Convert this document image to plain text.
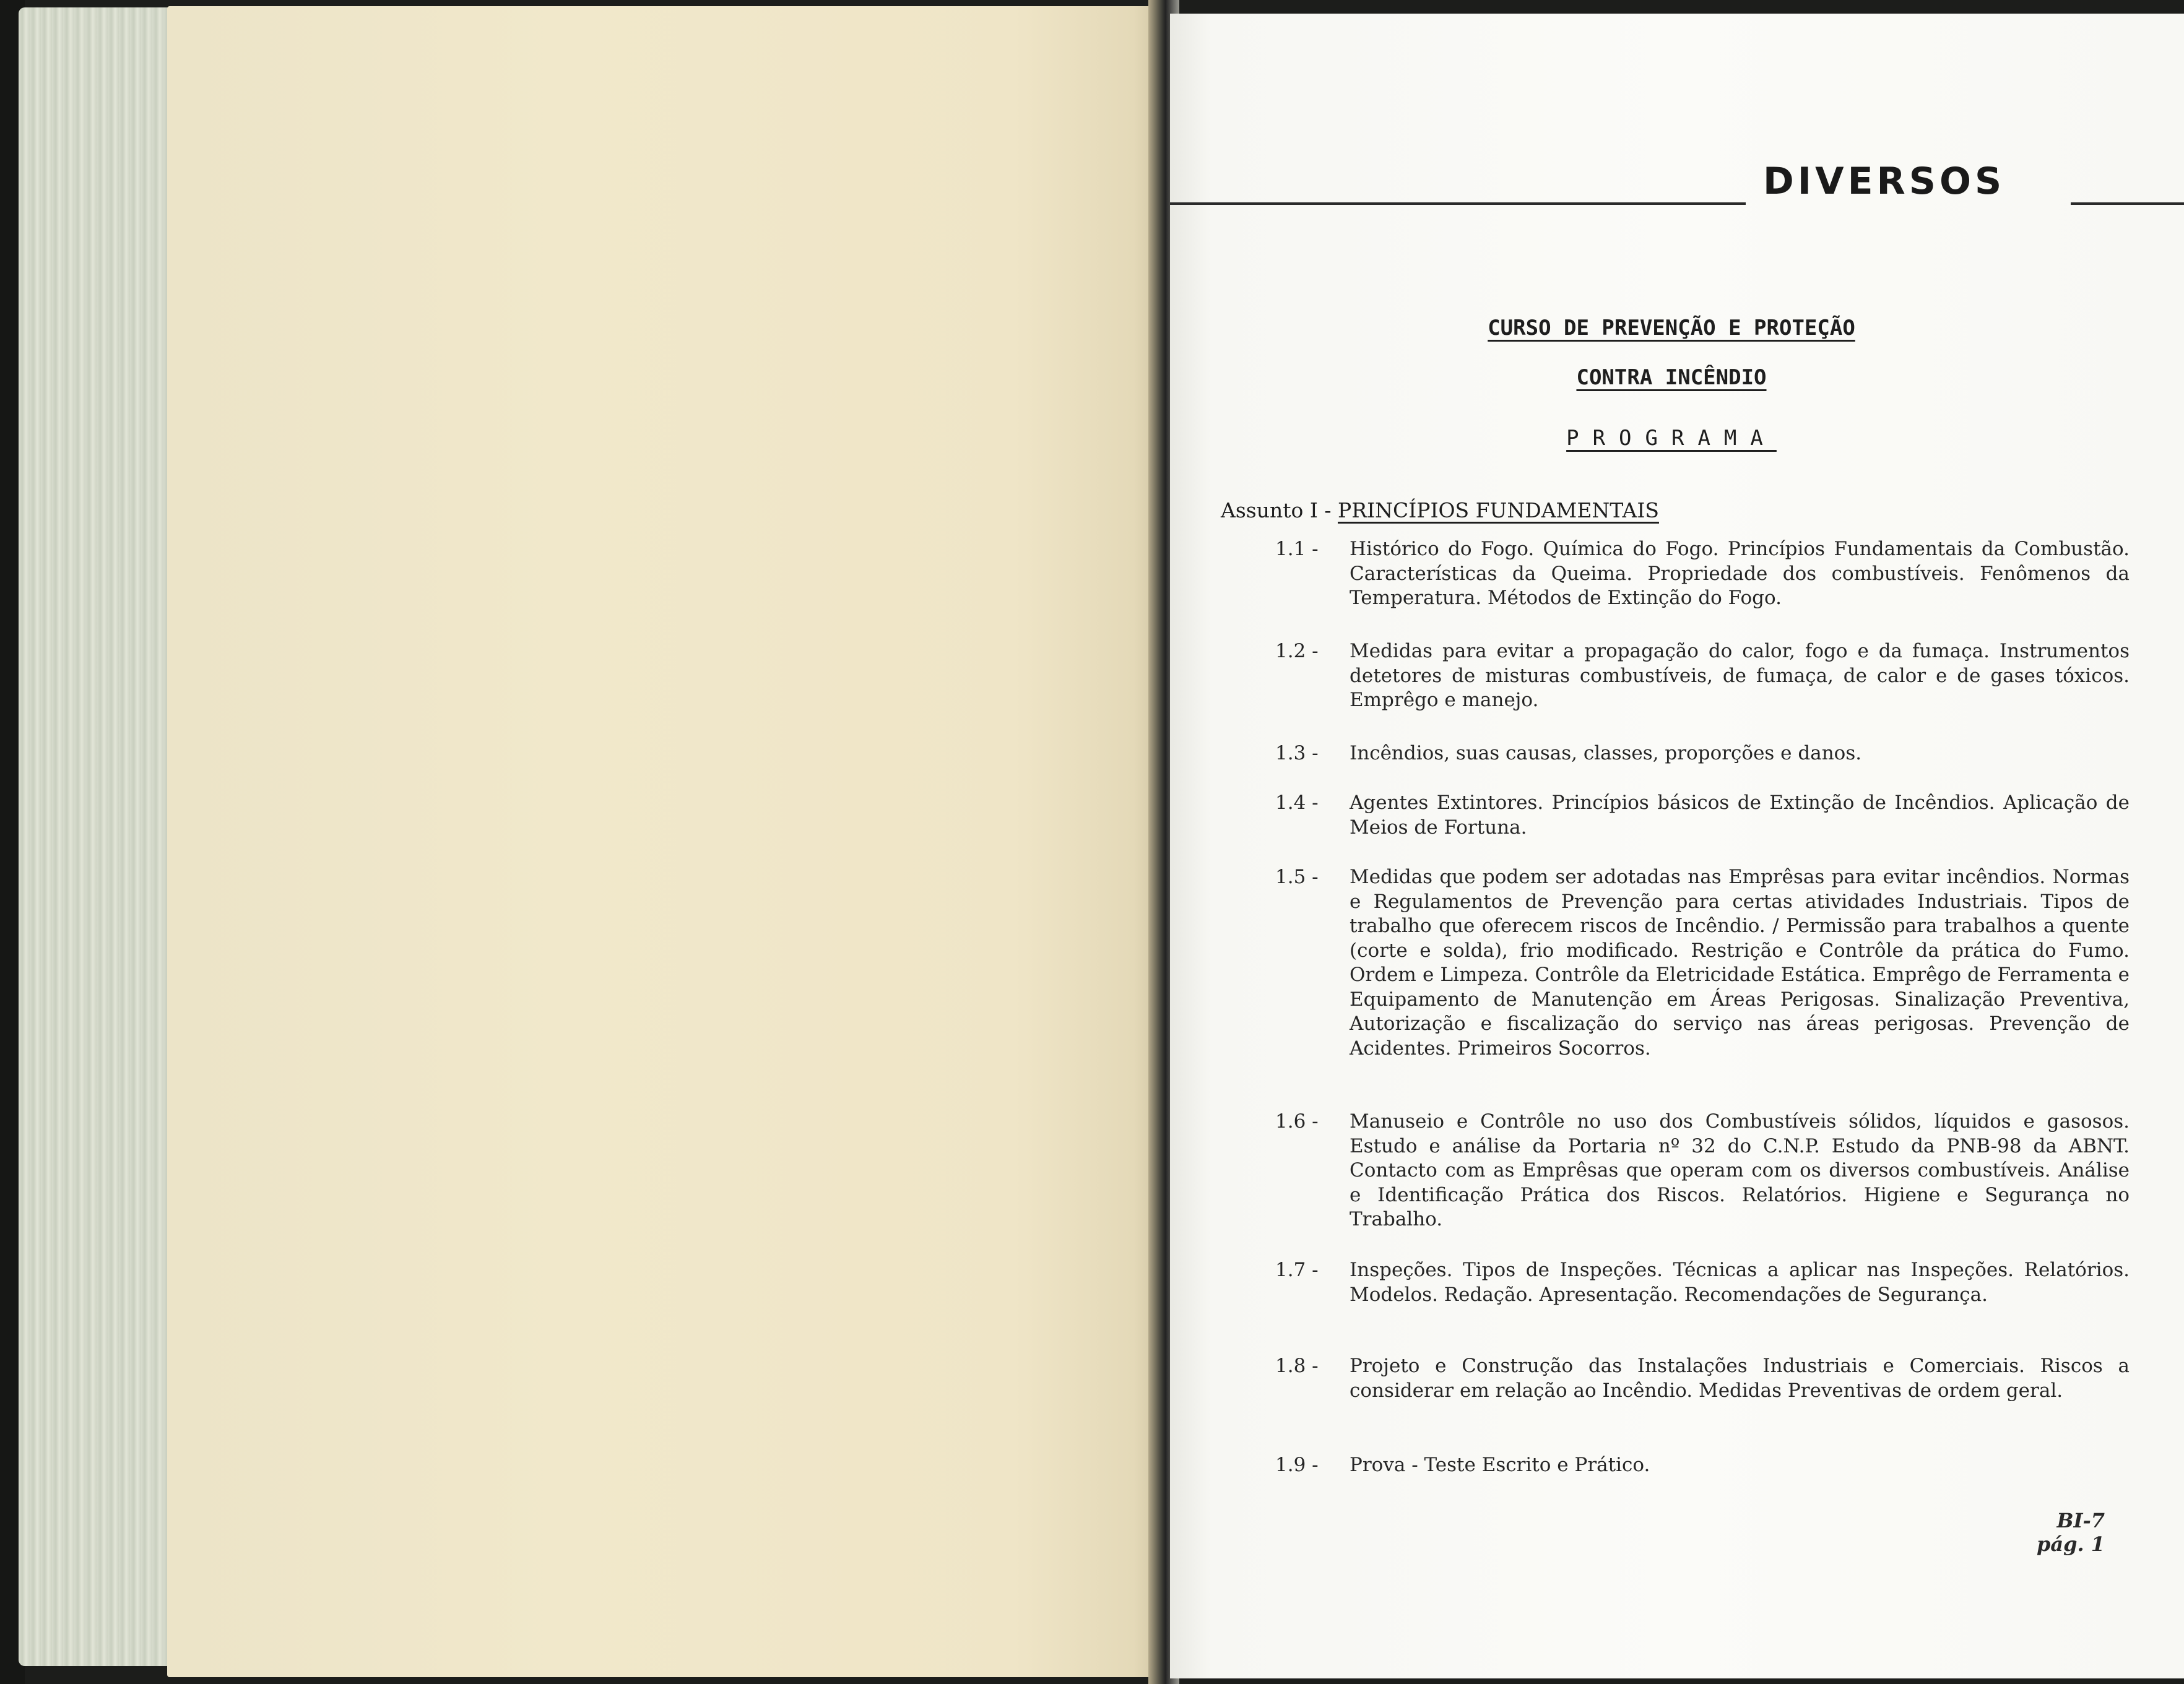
DIVERSOS
CURSO DE PREVENÇÃO E PROTEÇÃO
CONTRA INCÊNDIO
PROGRAMA
Assunto I - PRINCÍPIOS FUNDAMENTAIS
1.1 -	Histórico do Fogo. Química do Fogo. Princípios Fundamentais da Combustão. Características da Queima. Propriedade dos combustíveis. Fenômenos da Temperatura. Métodos de Extinção do Fogo.
1.2 -	Medidas para evitar a propagação do calor, fogo e da fumaça. Instrumentos detetores de misturas combustíveis, de fumaça, de calor e de gases tóxicos. Emprêgo e manejo.
1.3 -	Incêndios, suas causas, classes, proporções e danos.
1.4 -	Agentes Extintores. Princípios básicos de Extinção de Incêndios. Aplicação de Meios de Fortuna.
1.5 -	Medidas que podem ser adotadas nas Emprêsas para evitar incêndios. Normas e Regulamentos de Prevenção para certas atividades Industriais. Tipos de trabalho que oferecem riscos de Incêndio. / Permissão para trabalhos a quente (corte e solda), frio modificado. Restrição e Contrôle da prática do Fumo. Ordem e Limpeza. Contrôle da Eletricidade Estática. Emprêgo de Ferramenta e Equipamento de Manutenção em Áreas Perigosas. Sinalização Preventiva, Autorização e fiscalização do serviço nas áreas perigosas. Prevenção de Acidentes. Primeiros Socorros.
1.6 -	Manuseio e Contrôle no uso dos Combustíveis sólidos, líquidos e gasosos. Estudo e análise da Portaria nº 32 do C.N.P. Estudo da PNB-98 da ABNT. Contacto com as Emprêsas que operam com os diversos combustíveis. Análise e Identificação Prática dos Riscos. Relatórios. Higiene e Segurança no Trabalho.
1.7 -	Inspeções. Tipos de Inspeções. Técnicas a aplicar nas Inspeções. Relatórios. Modelos. Redação. Apresentação. Recomendações de Segurança.
1.8 -	Projeto e Construção das Instalações Industriais e Comerciais. Riscos a considerar em relação ao Incêndio. Medidas Preventivas de ordem geral.
1.9 -	Prova - Teste Escrito e Prático.
BI-7
pág. 1
